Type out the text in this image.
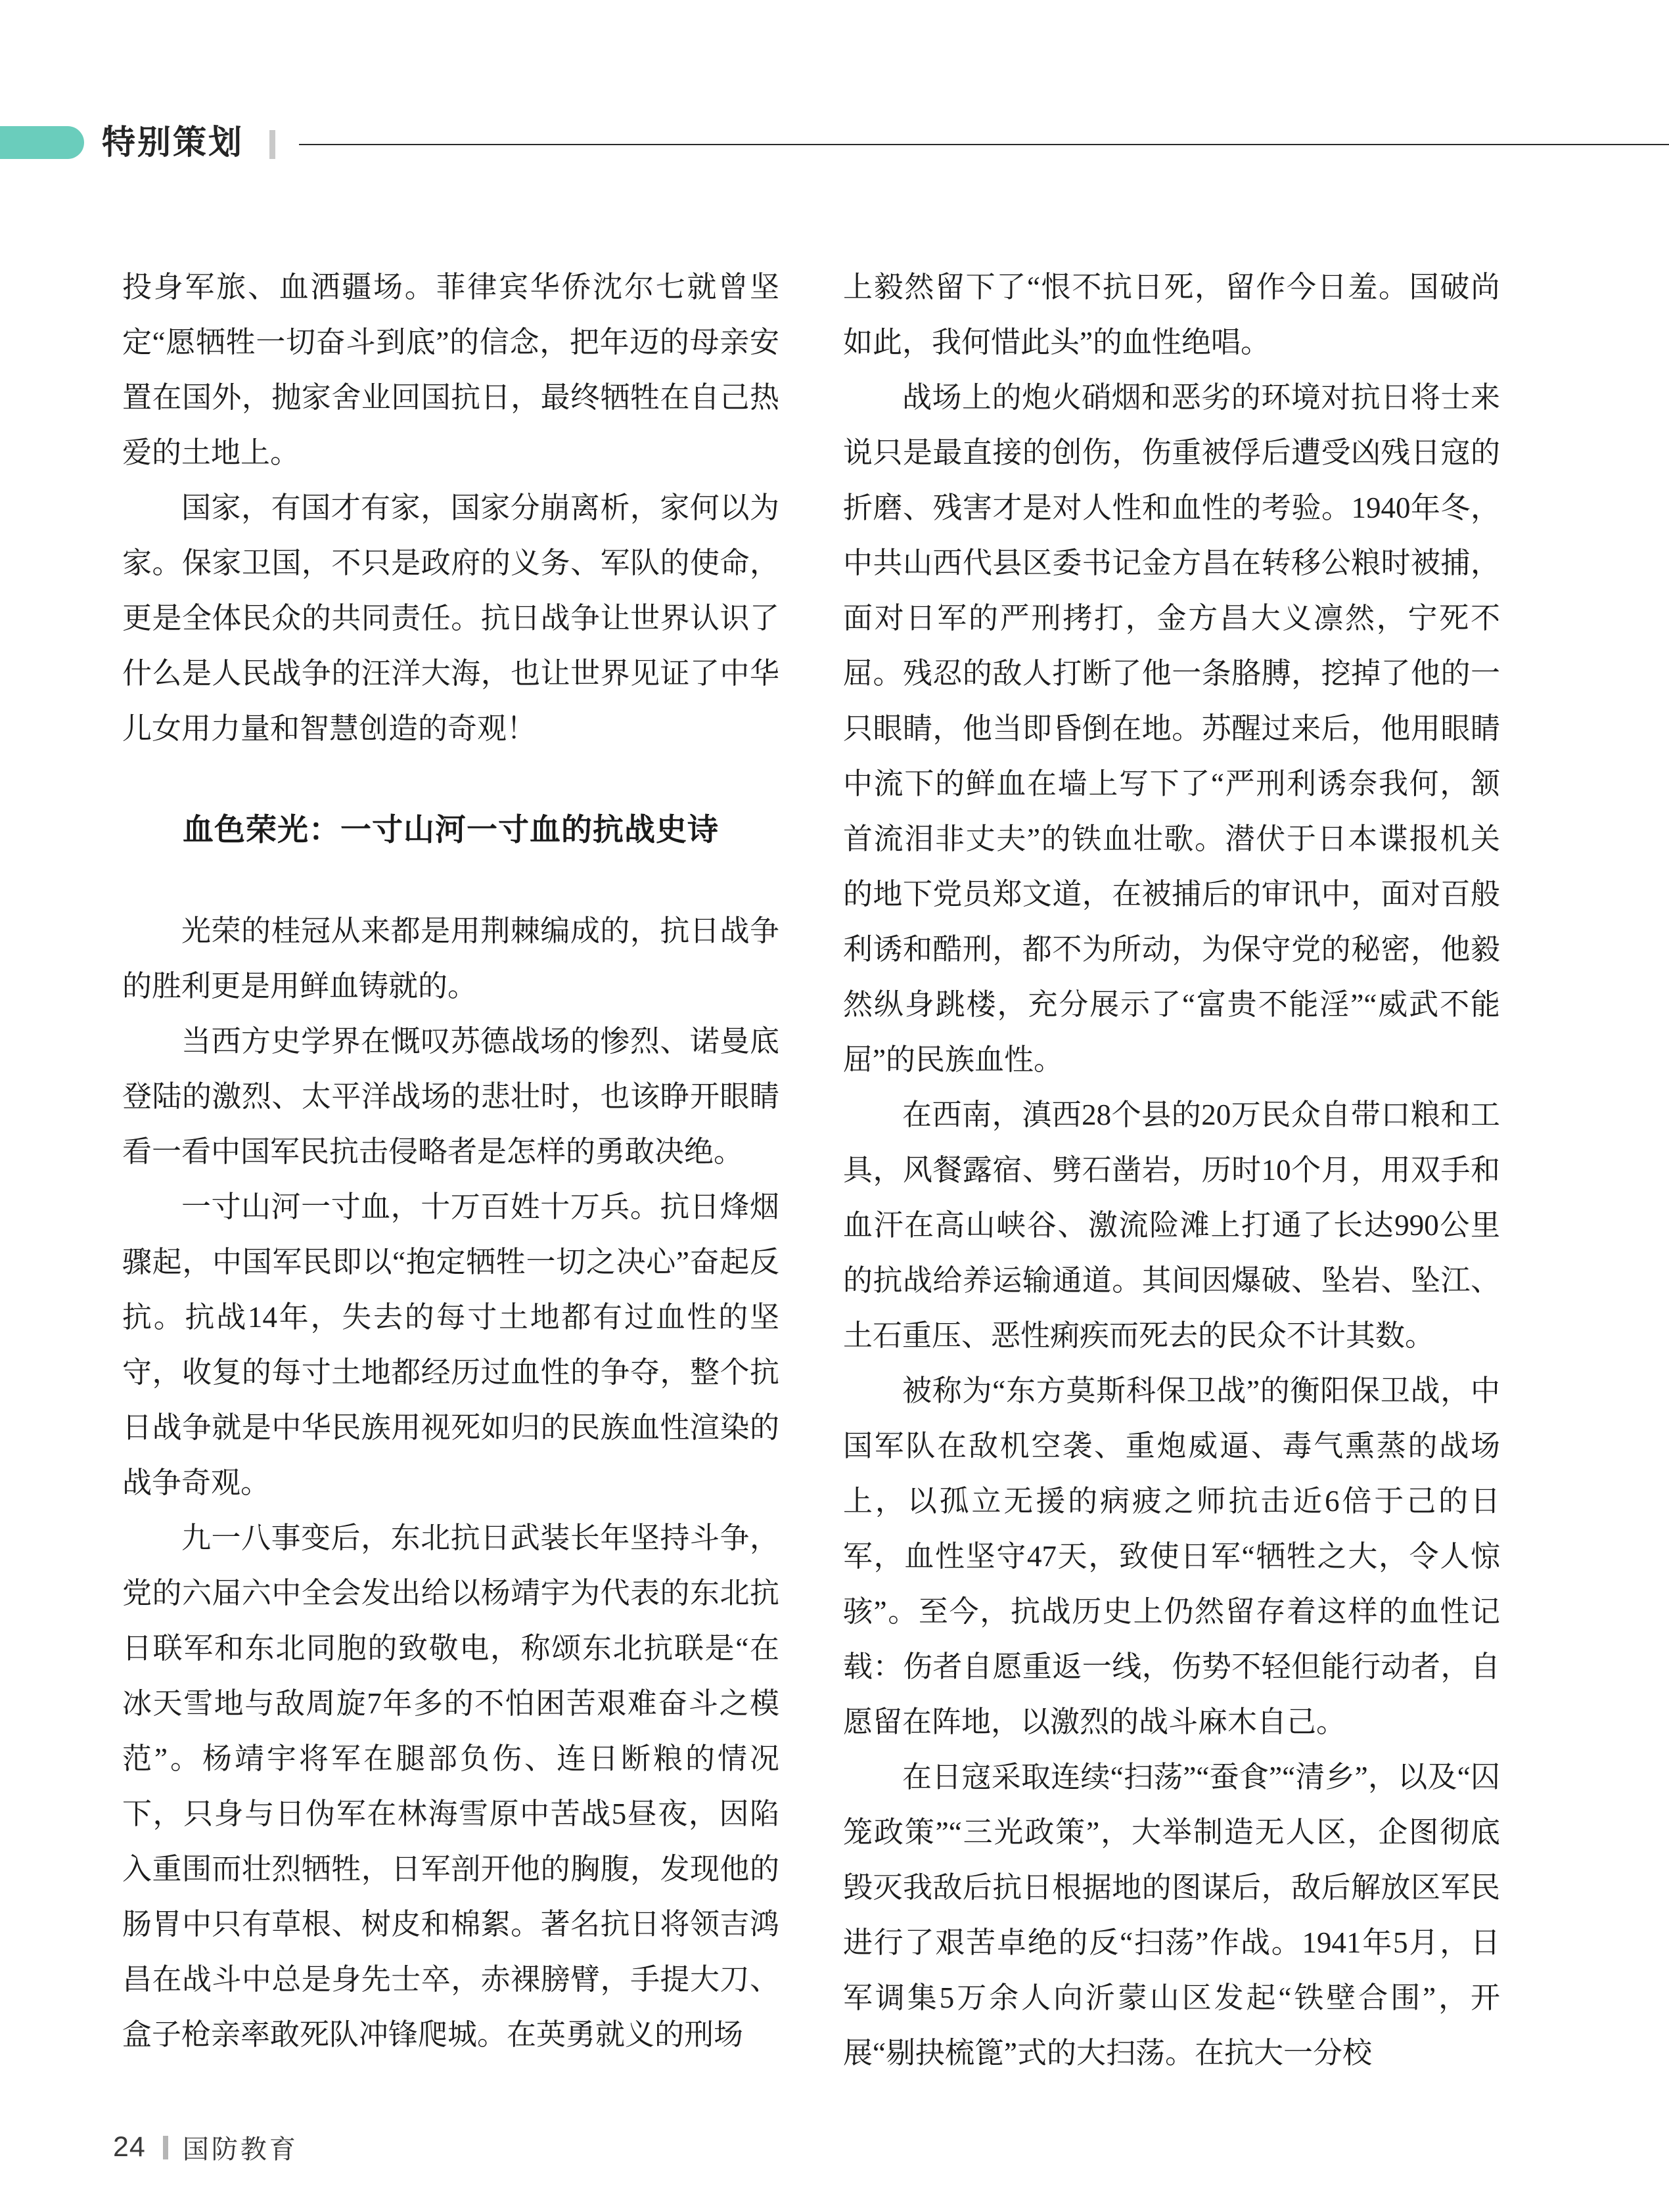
特别策划

投身军旅、血洒疆场。菲律宾华侨沈尔七就曾坚定“愿牺牲一切奋斗到底”的信念，把年迈的母亲安置在国外，抛家舍业回国抗日，最终牺牲在自己热爱的土地上。

国家，有国才有家，国家分崩离析，家何以为家。保家卫国，不只是政府的义务、军队的使命，更是全体民众的共同责任。抗日战争让世界认识了什么是人民战争的汪洋大海，也让世界见证了中华儿女用力量和智慧创造的奇观！

血色荣光：一寸山河一寸血的抗战史诗

光荣的桂冠从来都是用荆棘编成的，抗日战争的胜利更是用鲜血铸就的。

当西方史学界在慨叹苏德战场的惨烈、诺曼底登陆的激烈、太平洋战场的悲壮时，也该睁开眼睛看一看中国军民抗击侵略者是怎样的勇敢决绝。

一寸山河一寸血，十万百姓十万兵。抗日烽烟骤起，中国军民即以“抱定牺牲一切之决心”奋起反抗。抗战14年，失去的每寸土地都有过血性的坚守，收复的每寸土地都经历过血性的争夺，整个抗日战争就是中华民族用视死如归的民族血性渲染的战争奇观。

九一八事变后，东北抗日武装长年坚持斗争，党的六届六中全会发出给以杨靖宇为代表的东北抗日联军和东北同胞的致敬电，称颂东北抗联是“在冰天雪地与敌周旋7年多的不怕困苦艰难奋斗之模范”。杨靖宇将军在腿部负伤、连日断粮的情况下，只身与日伪军在林海雪原中苦战5昼夜，因陷入重围而壮烈牺牲，日军剖开他的胸腹，发现他的肠胃中只有草根、树皮和棉絮。著名抗日将领吉鸿昌在战斗中总是身先士卒，赤裸膀臂，手提大刀、盒子枪亲率敢死队冲锋爬城。在英勇就义的刑场

上毅然留下了“恨不抗日死，留作今日羞。国破尚如此，我何惜此头”的血性绝唱。

战场上的炮火硝烟和恶劣的环境对抗日将士来说只是最直接的创伤，伤重被俘后遭受凶残日寇的折磨、残害才是对人性和血性的考验。1940年冬，中共山西代县区委书记金方昌在转移公粮时被捕，面对日军的严刑拷打，金方昌大义凛然，宁死不屈。残忍的敌人打断了他一条胳膊，挖掉了他的一只眼睛，他当即昏倒在地。苏醒过来后，他用眼睛中流下的鲜血在墙上写下了“严刑利诱奈我何，颔首流泪非丈夫”的铁血壮歌。潜伏于日本谍报机关的地下党员郑文道，在被捕后的审讯中，面对百般利诱和酷刑，都不为所动，为保守党的秘密，他毅然纵身跳楼，充分展示了“富贵不能淫”“威武不能屈”的民族血性。

在西南，滇西28个县的20万民众自带口粮和工具，风餐露宿、劈石凿岩，历时10个月，用双手和血汗在高山峡谷、激流险滩上打通了长达990公里的抗战给养运输通道。其间因爆破、坠岩、坠江、土石重压、恶性痢疾而死去的民众不计其数。

被称为“东方莫斯科保卫战”的衡阳保卫战，中国军队在敌机空袭、重炮威逼、毒气熏蒸的战场上，以孤立无援的病疲之师抗击近6倍于己的日军，血性坚守47天，致使日军“牺牲之大，令人惊骇”。至今，抗战历史上仍然留存着这样的血性记载：伤者自愿重返一线，伤势不轻但能行动者，自愿留在阵地，以激烈的战斗麻木自己。

在日寇采取连续“扫荡”“蚕食”“清乡”，以及“囚笼政策”“三光政策”，大举制造无人区，企图彻底毁灭我敌后抗日根据地的图谋后，敌后解放区军民进行了艰苦卓绝的反“扫荡”作战。1941年5月，日军调集5万余人向沂蒙山区发起“铁壁合围”，开展“剔抉梳篦”式的大扫荡。在抗大一分校

24 国防教育
